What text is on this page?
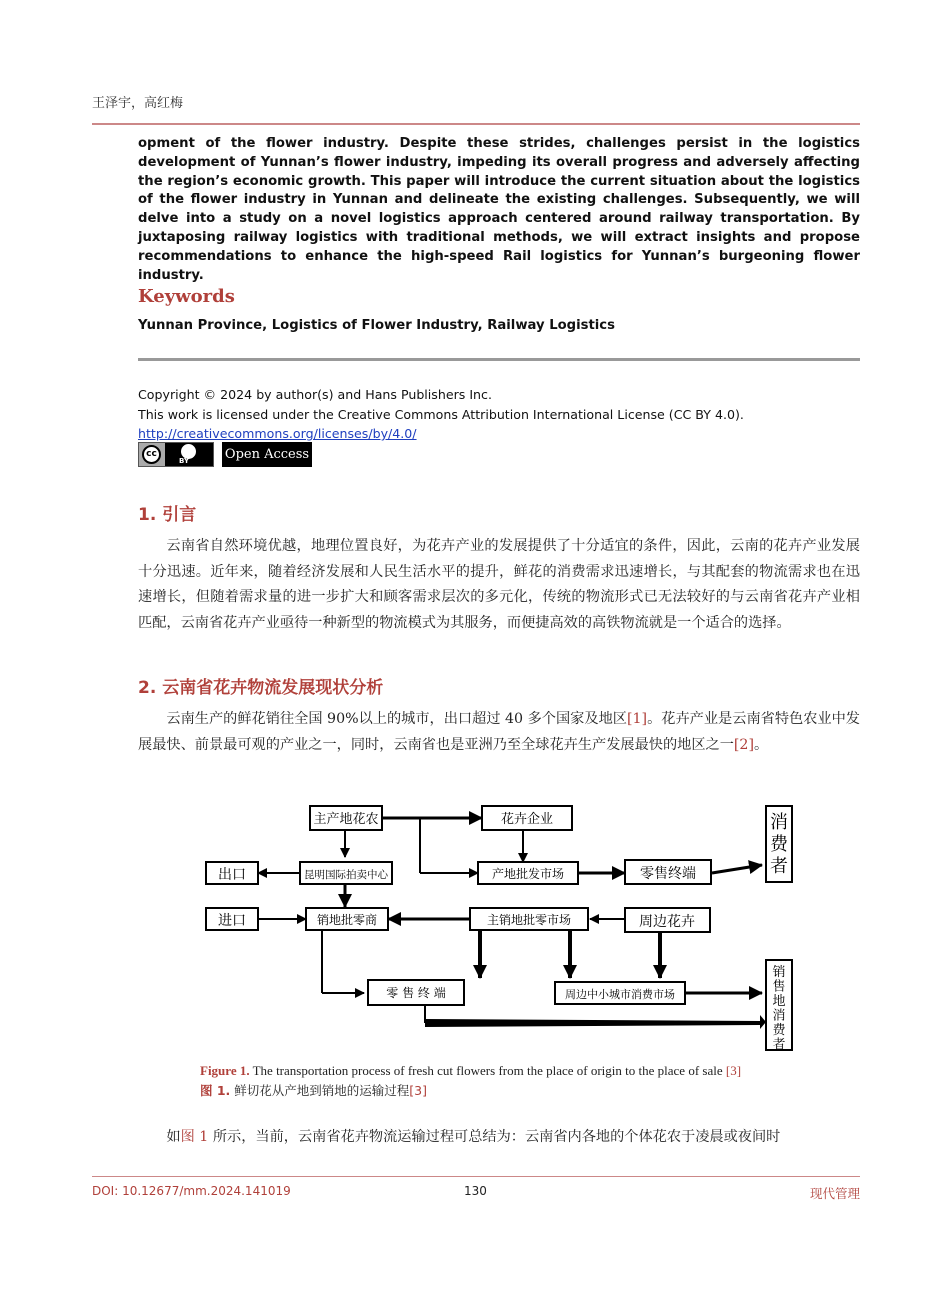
王泽宇，高红梅
opment of the flower industry. Despite these strides, challenges persist in the logistics development of Yunnan’s flower industry, impeding its overall progress and adversely affecting the region’s economic growth. This paper will introduce the current situation about the logistics of the flower industry in Yunnan and delineate the existing challenges. Subsequently, we will delve into a study on a novel logistics approach centered around railway transportation. By juxtaposing railway logistics with traditional methods, we will extract insights and propose recommendations to enhance the high-speed Rail logistics for Yunnan’s burgeoning flower industry.
Keywords
Yunnan Province, Logistics of Flower Industry, Railway Logistics
Copyright © 2024 by author(s) and Hans Publishers Inc.
This work is licensed under the Creative Commons Attribution International License (CC BY 4.0).
http://creativecommons.org/licenses/by/4.0/
cc
BY	Open Access
1. 引言
云南省自然环境优越，地理位置良好，为花卉产业的发展提供了十分适宜的条件，因此，云南的花卉产业发展十分迅速。近年来，随着经济发展和人民生活水平的提升，鲜花的消费需求迅速增长，与其配套的物流需求也在迅速增长，但随着需求量的进一步扩大和顾客需求层次的多元化，传统的物流形式已无法较好的与云南省花卉产业相匹配，云南省花卉产业亟待一种新型的物流模式为其服务，而便捷高效的高铁物流就是一个适合的选择。
2. 云南省花卉物流发展现状分析
云南生产的鲜花销往全国 90%以上的城市，出口超过 40 多个国家及地区[1]。花卉产业是云南省特色农业中发展最快、前景最可观的产业之一，同时，云南省也是亚洲乃至全球花卉生产发展最快的地区之一[2]。
主产地花农	花卉企业
出口	昆明国际拍卖中心	产地批发市场	零售终端
进口	销地批零商	主销地批零市场	周边花卉
零 售 终 端	周边中小城市消费市场
消费者
销售地消费者
Figure 1. The transportation process of fresh cut flowers from the place of origin to the place of sale [3]
图 1. 鲜切花从产地到销地的运输过程[3]
如图 1 所示，当前，云南省花卉物流运输过程可总结为：云南省内各地的个体花农于凌晨或夜间时
DOI: 10.12677/mm.2024.141019	130	现代管理
